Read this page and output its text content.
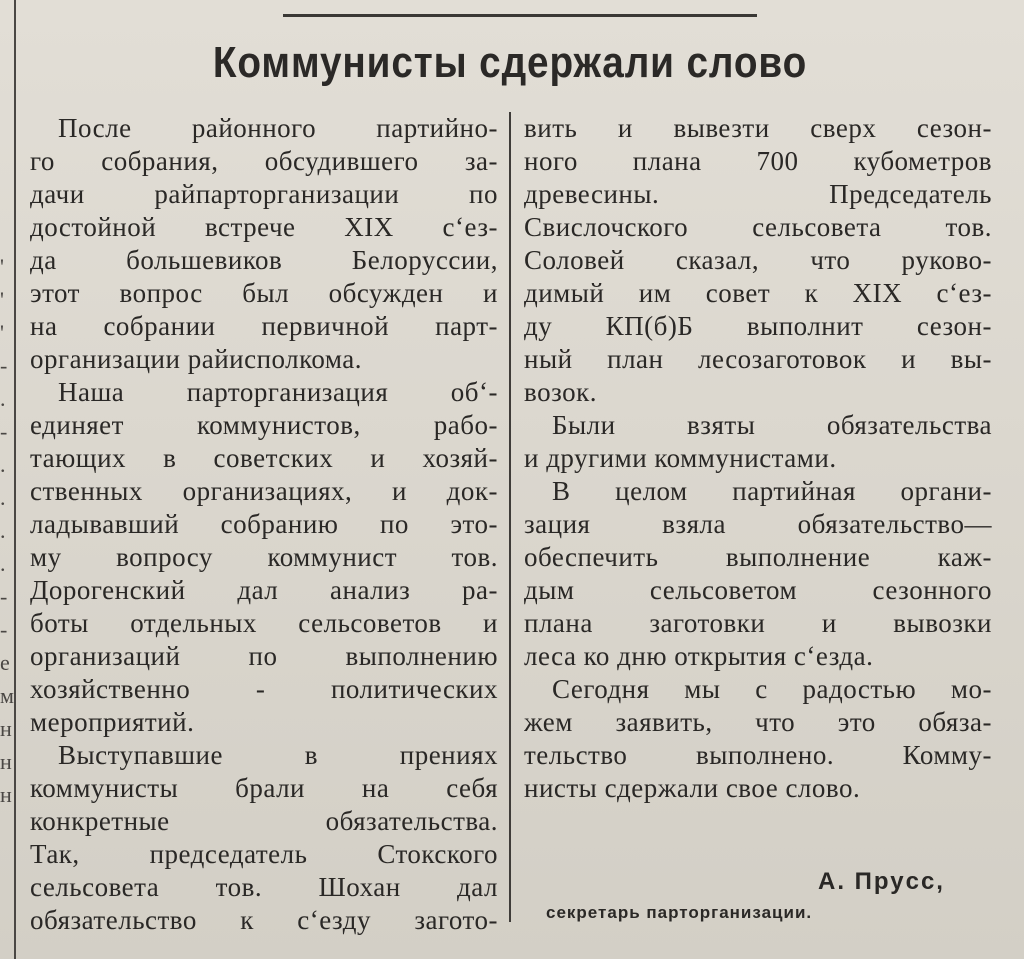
'
'
'
-
.
-
.
.
.
.
-
-
е
м
н
н
н
Коммунисты сдержали слово
После районного партийно-
го собрания, обсудившего за-
дачи райпарторганизации по
достойной встрече XIX с‘ез-
да большевиков Белоруссии,
этот вопрос был обсужден и
на собрании первичной парт-
организации райисполкома.
Наша парторганизация об‘-
единяет коммунистов, рабо-
тающих в советских и хозяй-
ственных организациях, и док-
ладывавший собранию по это-
му вопросу коммунист тов.
Дорогенский дал анализ ра-
боты отдельных сельсоветов и
организаций по выполнению
хозяйственно - политических
мероприятий.
Выступавшие в прениях
коммунисты брали на себя
конкретные обязательства.
Так, председатель Стокского
сельсовета тов. Шохан дал
обязательство к с‘езду загото-
вить и вывезти сверх сезон-
ного плана 700 кубометров
древесины. Председатель
Свислочского сельсовета тов.
Соловей сказал, что руково-
димый им совет к XIX с‘ез-
ду КП(б)Б выполнит сезон-
ный план лесозаготовок и вы-
возок.
Были взяты обязательства
и другими коммунистами.
В целом партийная органи-
зация взяла обязательство—
обеспечить выполнение каж-
дым сельсоветом сезонного
плана заготовки и вывозки
леса ко дню открытия с‘езда.
Сегодня мы с радостью мо-
жем заявить, что это обяза-
тельство выполнено. Комму-
нисты сдержали свое слово.
А. Пруcс,
секретарь парторганизации.
